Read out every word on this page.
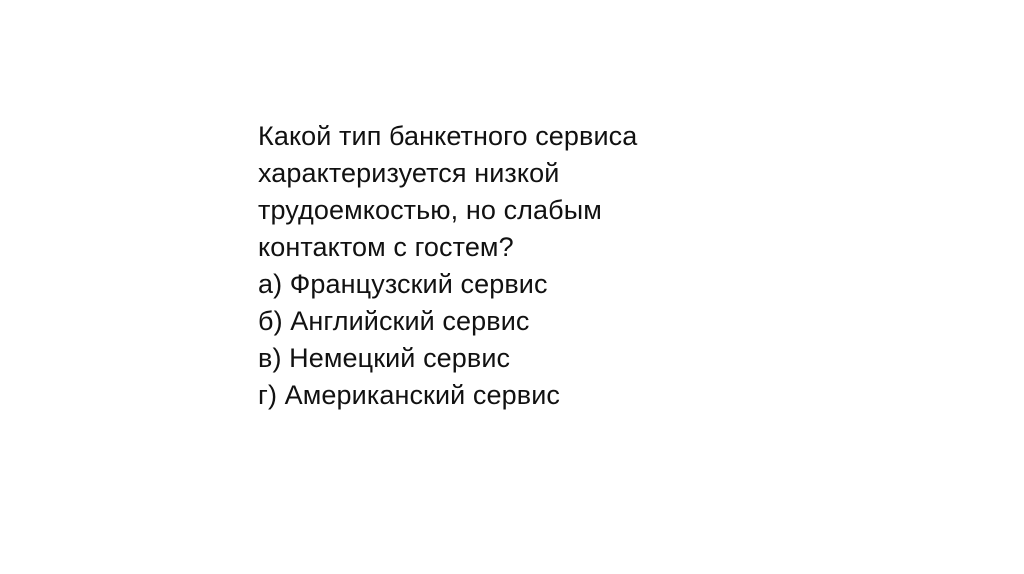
Какой тип банкетного сервиса
характеризуется низкой
трудоемкостью, но слабым
контактом с гостем?
а) Французский сервис
б) Английский сервис
в) Немецкий сервис
г) Американский сервис
